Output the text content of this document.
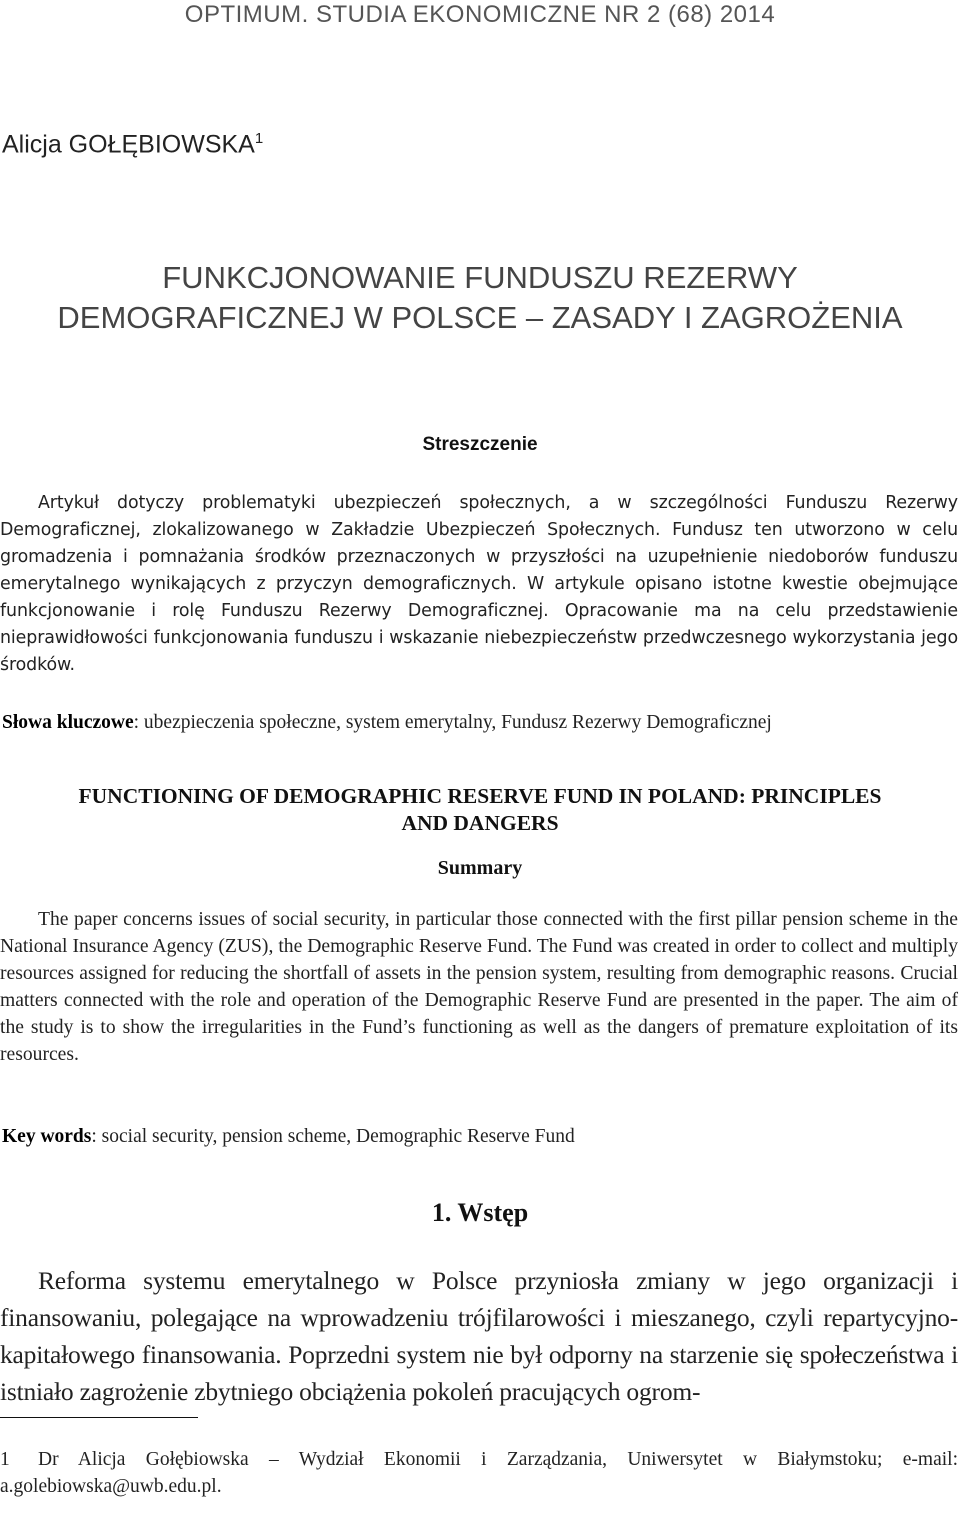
OPTIMUM. STUDIA EKONOMICZNE NR 2 (68) 2014
Alicja GOŁĘBIOWSKA$^1$
FUNKCJONOWANIE FUNDUSZU REZERWY
DEMOGRAFICZNEJ W POLSCE – ZASADY I ZAGROŻENIA
Streszczenie
Artykuł dotyczy problematyki ubezpieczeń społecznych, a w szczególności Funduszu Rezerwy Demograficznej, zlokalizowanego w Zakładzie Ubezpieczeń Społecznych. Fundusz ten utworzono w celu gromadzenia i pomnażania środków przeznaczonych w przyszłości na uzupełnienie niedoborów funduszu emerytalnego wynikających z przyczyn demograficznych. W artykule opisano istotne kwestie obejmujące funkcjonowanie i rolę Funduszu Rezerwy Demograficznej. Opracowanie ma na celu przedstawienie nieprawidłowości funkcjonowania funduszu i wskazanie niebezpieczeństw przedwczesnego wykorzystania jego środków.
Słowa kluczowe: ubezpieczenia społeczne, system emerytalny, Fundusz Rezerwy Demograficznej
FUNCTIONING OF DEMOGRAPHIC RESERVE FUND IN POLAND: PRINCIPLES
AND DANGERS
Summary
The paper concerns issues of social security, in particular those connected with the first pillar pension scheme in the National Insurance Agency (ZUS), the Demographic Reserve Fund. The Fund was created in order to collect and multiply resources assigned for reducing the shortfall of assets in the pension system, resulting from demographic reasons. Crucial matters connected with the role and operation of the Demographic Reserve Fund are presented in the paper. The aim of the study is to show the irregularities in the Fund’s functioning as well as the dangers of premature exploitation of its resources.
Key words: social security, pension scheme, Demographic Reserve Fund
1. Wstęp
Reforma systemu emerytalnego w Polsce przyniosła zmiany w jego organizacji i finansowaniu, polegające na wprowadzeniu trójfilarowości i mieszanego, czyli repartycyjno-kapitałowego finansowania. Poprzedni system nie był odporny na starzenie się społeczeństwa i istniało zagrożenie zbytniego obciążenia pokoleń pracujących ogrom-
1 Dr Alicja Gołębiowska – Wydział Ekonomii i Zarządzania, Uniwersytet w Białymstoku; e-mail: a.golebiowska@uwb.edu.pl.
